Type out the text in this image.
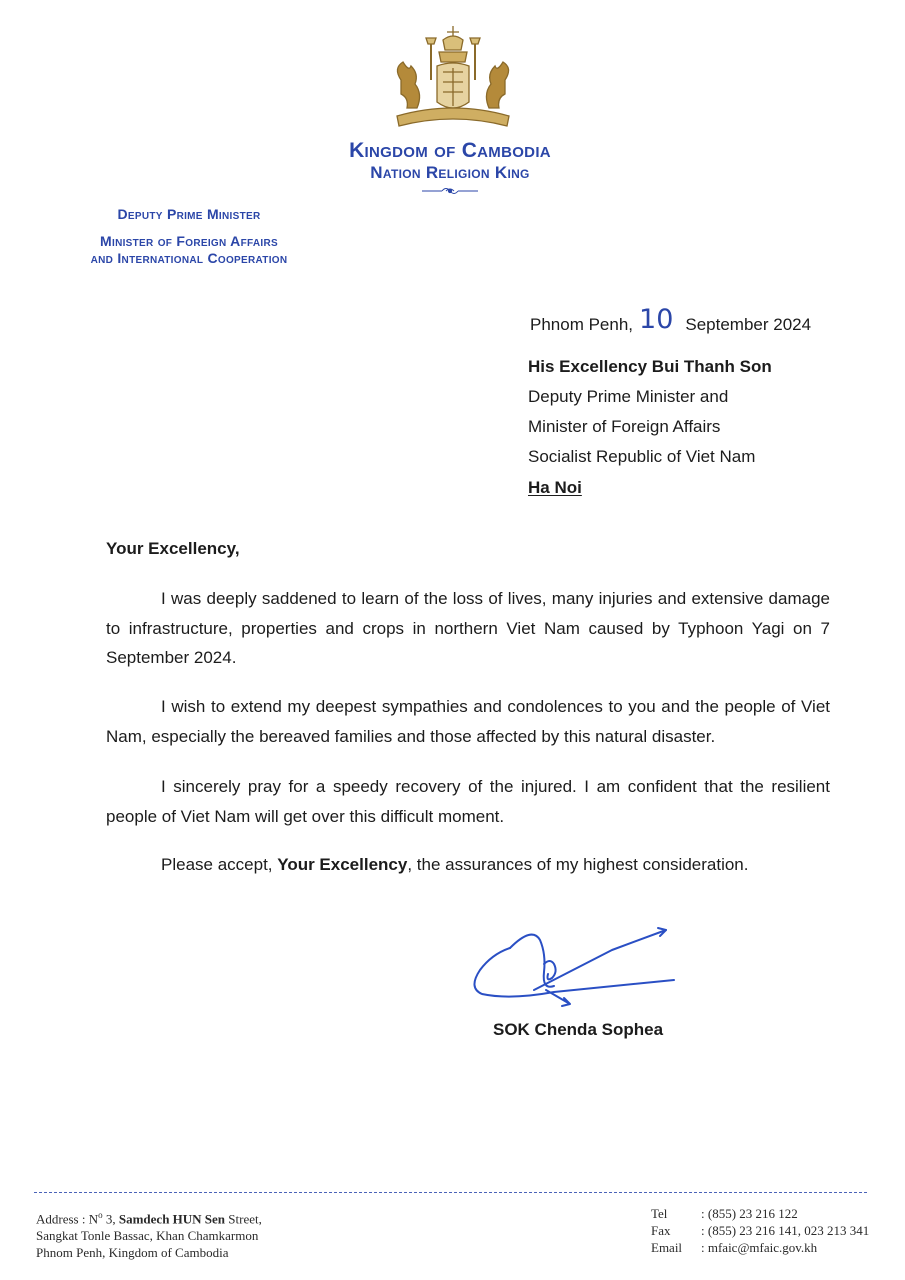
Kingdom of Cambodia
Nation Religion King
Deputy Prime Minister
Minister of Foreign Affairs
and International Cooperation
Phnom Penh, 10 September 2024
His Excellency Bui Thanh Son
Deputy Prime Minister and
Minister of Foreign Affairs
Socialist Republic of Viet Nam
Ha Noi
Your Excellency,
I was deeply saddened to learn of the loss of lives, many injuries and extensive damage to infrastructure, properties and crops in northern Viet Nam caused by Typhoon Yagi on 7 September 2024.
I wish to extend my deepest sympathies and condolences to you and the people of Viet Nam, especially the bereaved families and those affected by this natural disaster.
I sincerely pray for a speedy recovery of the injured. I am confident that the resilient people of Viet Nam will get over this difficult moment.
Please accept, Your Excellency, the assurances of my highest consideration.
SOK Chenda Sophea
Address : $N^o$ 3, Samdech HUN Sen Street,
Sangkat Tonle Bassac, Khan Chamkarmon
Phnom Penh, Kingdom of Cambodia
Tel	: (855) 23 216 122
Fax : (855) 23 216 141, 023 213 341
Email : mfaic@mfaic.gov.kh
